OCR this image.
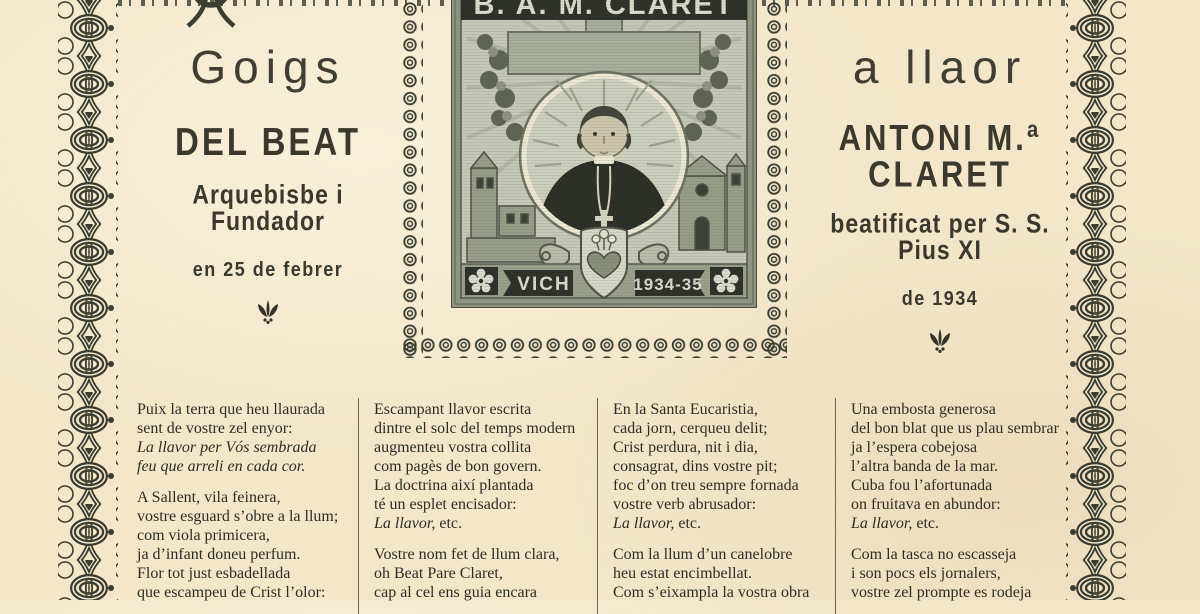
Goigs
DEL BEAT
Arquebisbe i Fundador
en 25 de febrer
a llaor
ANTONI M.ª CLARET
beatificat per S. S. Pius XI
de 1934

Puix la terra que heu llaurada
sent de vostre zel enyor:
La llavor per Vós sembrada
feu que arreli en cada cor.

A Sallent, vila feinera,
vostre esguard s’obre a la llum;
com viola primicera,
ja d’infant doneu perfum.
Flor tot just esbadellada
que escampeu de Crist l’olor:

Escampant llavor escrita
dintre el solc del temps modern
augmenteu vostra collita
com pagès de bon govern.
La doctrina així plantada
té un esplet encisador:
La llavor, etc.

Vostre nom fet de llum clara,
oh Beat Pare Claret,
cap al cel ens guia encara

En la Santa Eucaristia,
cada jorn, cerqueu delit;
Crist perdura, nit i dia,
consagrat, dins vostre pit;
foc d’on treu sempre fornada
vostre verb abrusador:
La llavor, etc.

Com la llum d’un canelobre
heu estat encimbellat.
Com s’eixampla la vostra obra

Una embosta generosa
del bon blat que us plau sembrar
ja l’espera cobejosa
l’altra banda de la mar.
Cuba fou l’afortunada
on fruitava en abundor:
La llavor, etc.

Com la tasca no escasseja
i son pocs els jornalers,
vostre zel prompte es rodeja
